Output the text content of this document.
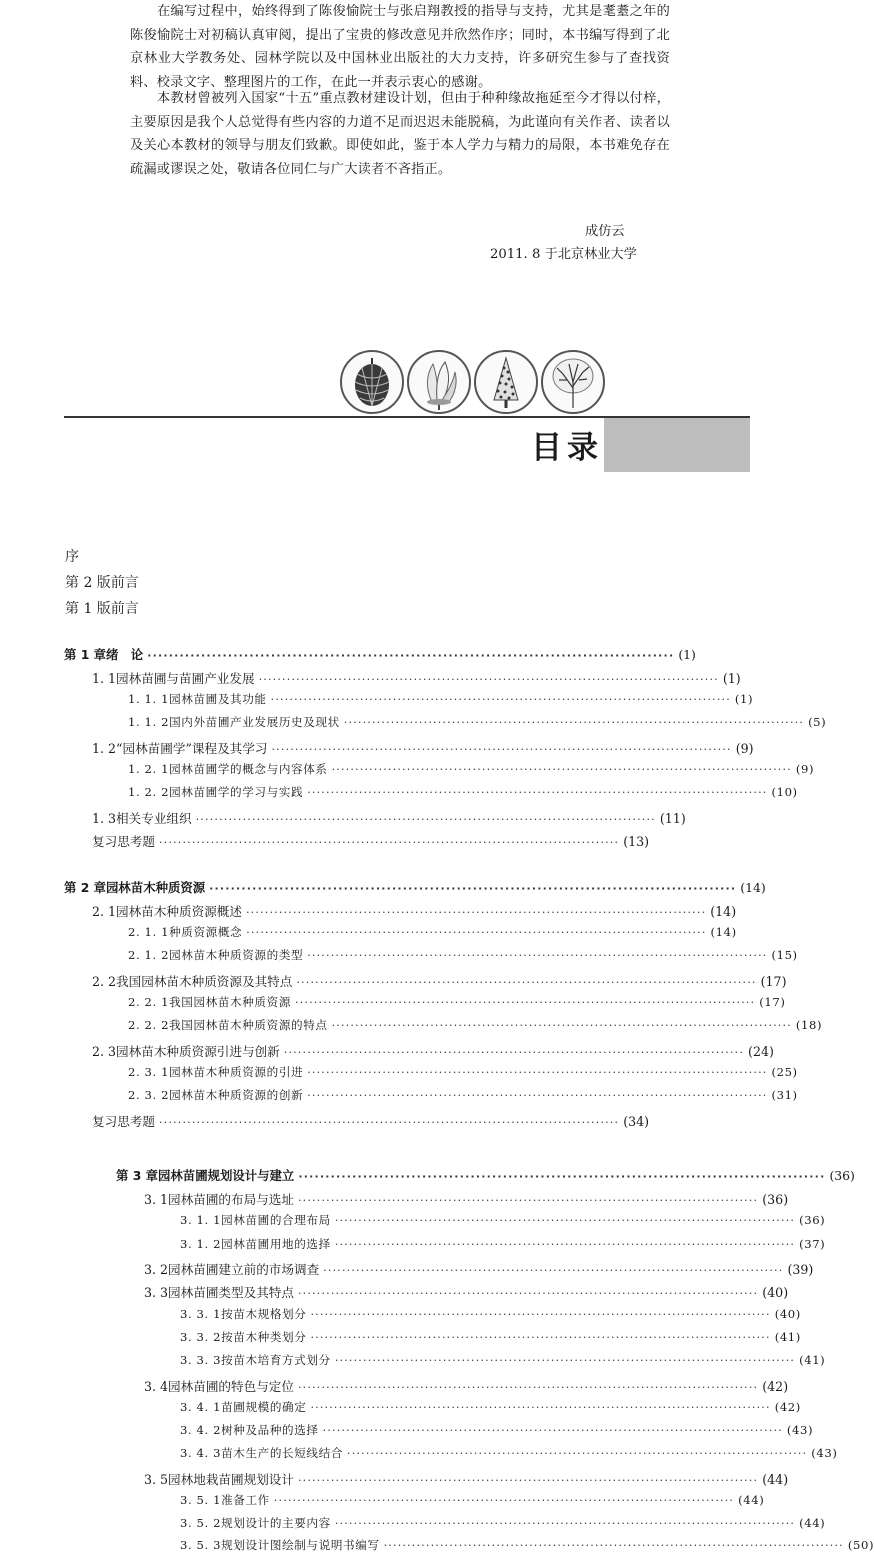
在编写过程中，始终得到了陈俊愉院士与张启翔教授的指导与支持，尤其是耄耋之年的陈俊愉院士对初稿认真审阅，提出了宝贵的修改意见并欣然作序；同时，本书编写得到了北京林业大学教务处、园林学院以及中国林业出版社的大力支持，许多研究生参与了查找资料、校录文字、整理图片的工作，在此一并表示衷心的感谢。

本教材曾被列入国家“十五”重点教材建设计划，但由于种种缘故拖延至今才得以付梓，主要原因是我个人总觉得有些内容的力道不足而迟迟未能脱稿，为此谨向有关作者、读者以及关心本教材的领导与朋友们致歉。即使如此，鉴于本人学力与精力的局限，本书难免存在疏漏或谬误之处，敬请各位同仁与广大读者不吝指正。

成仿云
2011. 8 于北京林业大学
目录
序
第 2 版前言
第 1 版前言
第 1 章 绪　论 ·································································································· (1)
1. 1 园林苗圃与苗圃产业发展 ·································································································· (1)
1. 1. 1 园林苗圃及其功能 ·································································································· (1)
1. 1. 2 国内外苗圃产业发展历史及现状 ·································································································· (5)
1. 2 “园林苗圃学”课程及其学习 ·································································································· (9)
1. 2. 1 园林苗圃学的概念与内容体系 ·································································································· (9)
1. 2. 2 园林苗圃学的学习与实践 ·································································································· (10)
1. 3 相关专业组织 ·································································································· (11)
复习思考题 ·································································································· (13)
第 2 章 园林苗木种质资源 ·································································································· (14)
2. 1 园林苗木种质资源概述 ·································································································· (14)
2. 1. 1 种质资源概念 ·································································································· (14)
2. 1. 2 园林苗木种质资源的类型 ·································································································· (15)
2. 2 我国园林苗木种质资源及其特点 ·································································································· (17)
2. 2. 1 我国园林苗木种质资源 ·································································································· (17)
2. 2. 2 我国园林苗木种质资源的特点 ·································································································· (18)
2. 3 园林苗木种质资源引进与创新 ·································································································· (24)
2. 3. 1 园林苗木种质资源的引进 ·································································································· (25)
2. 3. 2 园林苗木种质资源的创新 ·································································································· (31)
复习思考题 ·································································································· (34)
第 3 章 园林苗圃规划设计与建立 ·································································································· (36)
3. 1 园林苗圃的布局与选址 ·································································································· (36)
3. 1. 1 园林苗圃的合理布局 ·································································································· (36)
3. 1. 2 园林苗圃用地的选择 ·································································································· (37)
3. 2 园林苗圃建立前的市场调查 ·································································································· (39)
3. 3 园林苗圃类型及其特点 ·································································································· (40)
3. 3. 1 按苗木规格划分 ·································································································· (40)
3. 3. 2 按苗木种类划分 ·································································································· (41)
3. 3. 3 按苗木培育方式划分 ·································································································· (41)
3. 4 园林苗圃的特色与定位 ·································································································· (42)
3. 4. 1 苗圃规模的确定 ·································································································· (42)
3. 4. 2 树种及品种的选择 ·································································································· (43)
3. 4. 3 苗木生产的长短线结合 ·································································································· (43)
3. 5 园林地栽苗圃规划设计 ·································································································· (44)
3. 5. 1 准备工作 ·································································································· (44)
3. 5. 2 规划设计的主要内容 ·································································································· (44)
3. 5. 3 规划设计图绘制与说明书编写 ·································································································· (50)
